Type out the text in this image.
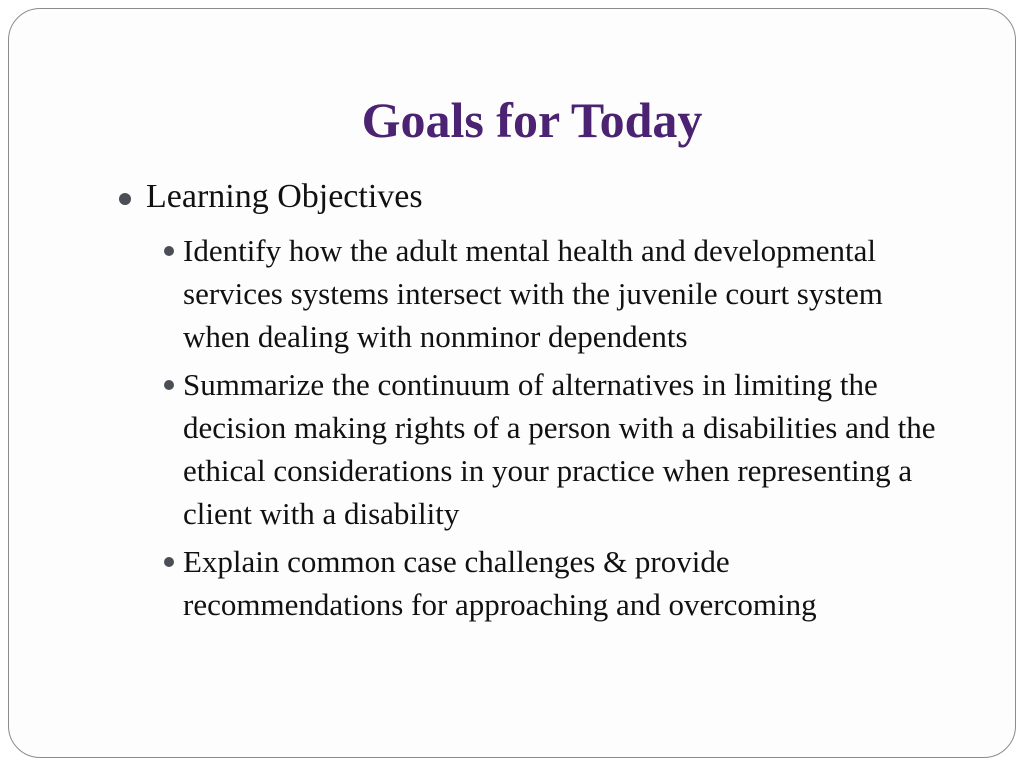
Goals for Today
Learning Objectives
Identify how the adult mental health and developmental services systems intersect with the juvenile court system when dealing with nonminor dependents
Summarize the continuum of alternatives in limiting the decision making rights of a person with a disabilities and the ethical considerations in your practice when representing a client with a disability
Explain common case challenges & provide recommendations for approaching and overcoming
